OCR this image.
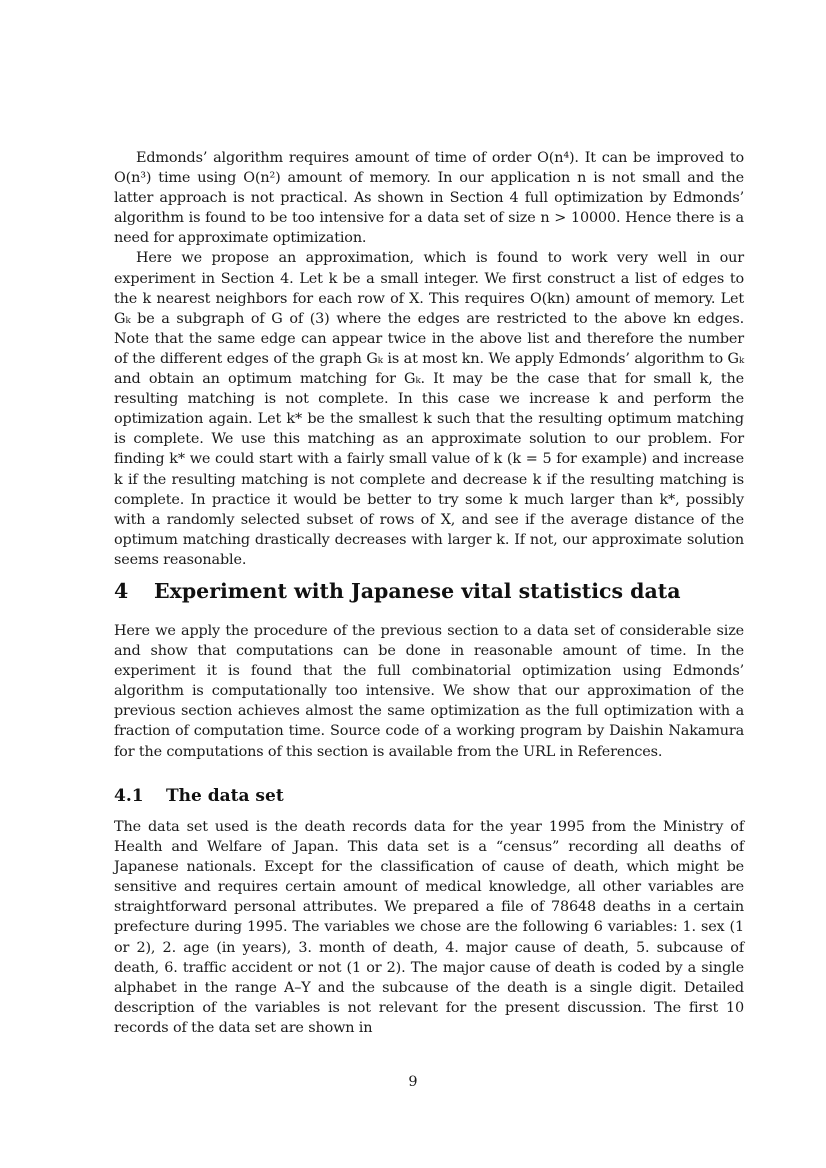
Edmonds’ algorithm requires amount of time of order O(n⁴). It can be improved to O(n³) time using O(n²) amount of memory. In our application n is not small and the latter approach is not practical. As shown in Section 4 full optimization by Edmonds’ algorithm is found to be too intensive for a data set of size n > 10000. Hence there is a need for approximate optimization.

Here we propose an approximation, which is found to work very well in our experiment in Section 4. Let k be a small integer. We first construct a list of edges to the k nearest neighbors for each row of X. This requires O(kn) amount of memory. Let Gₖ be a subgraph of G of (3) where the edges are restricted to the above kn edges. Note that the same edge can appear twice in the above list and therefore the number of the different edges of the graph Gₖ is at most kn. We apply Edmonds’ algorithm to Gₖ and obtain an optimum matching for Gₖ. It may be the case that for small k, the resulting matching is not complete. In this case we increase k and perform the optimization again. Let k* be the smallest k such that the resulting optimum matching is complete. We use this matching as an approximate solution to our problem. For finding k* we could start with a fairly small value of k (k = 5 for example) and increase k if the resulting matching is not complete and decrease k if the resulting matching is complete. In practice it would be better to try some k much larger than k*, possibly with a randomly selected subset of rows of X, and see if the average distance of the optimum matching drastically decreases with larger k. If not, our approximate solution seems reasonable.

4 Experiment with Japanese vital statistics data

Here we apply the procedure of the previous section to a data set of considerable size and show that computations can be done in reasonable amount of time. In the experiment it is found that the full combinatorial optimization using Edmonds’ algorithm is computationally too intensive. We show that our approximation of the previous section achieves almost the same optimization as the full optimization with a fraction of computation time. Source code of a working program by Daishin Nakamura for the computations of this section is available from the URL in References.

4.1 The data set

The data set used is the death records data for the year 1995 from the Ministry of Health and Welfare of Japan. This data set is a “census” recording all deaths of Japanese nationals. Except for the classification of cause of death, which might be sensitive and requires certain amount of medical knowledge, all other variables are straightforward personal attributes. We prepared a file of 78648 deaths in a certain prefecture during 1995. The variables we chose are the following 6 variables: 1. sex (1 or 2), 2. age (in years), 3. month of death, 4. major cause of death, 5. subcause of death, 6. traffic accident or not (1 or 2). The major cause of death is coded by a single alphabet in the range A–Y and the subcause of the death is a single digit. Detailed description of the variables is not relevant for the present discussion. The first 10 records of the data set are shown in

9
